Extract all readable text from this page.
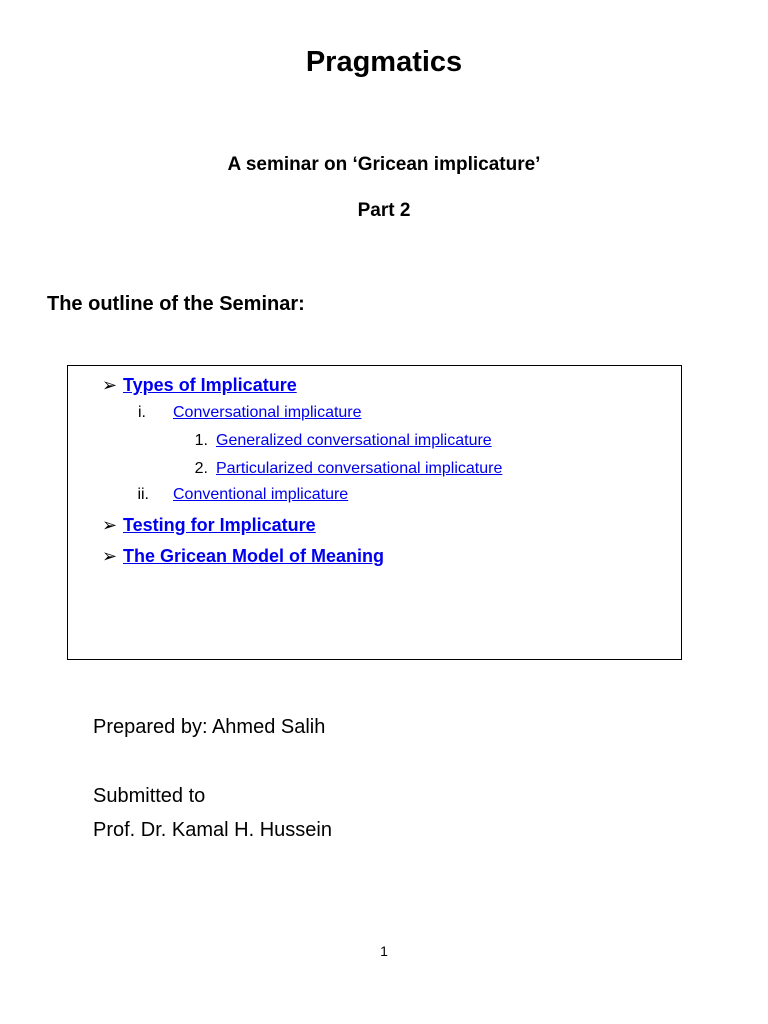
Pragmatics
A seminar on ‘Gricean implicature’
Part 2
The outline of the Seminar:
➢ Types of Implicature
i. Conversational implicature
1. Generalized conversational implicature
2. Particularized conversational implicature
ii. Conventional implicature
➢ Testing for Implicature
➢ The Gricean Model of Meaning
Prepared by: Ahmed Salih
Submitted to
Prof. Dr. Kamal H. Hussein
1
